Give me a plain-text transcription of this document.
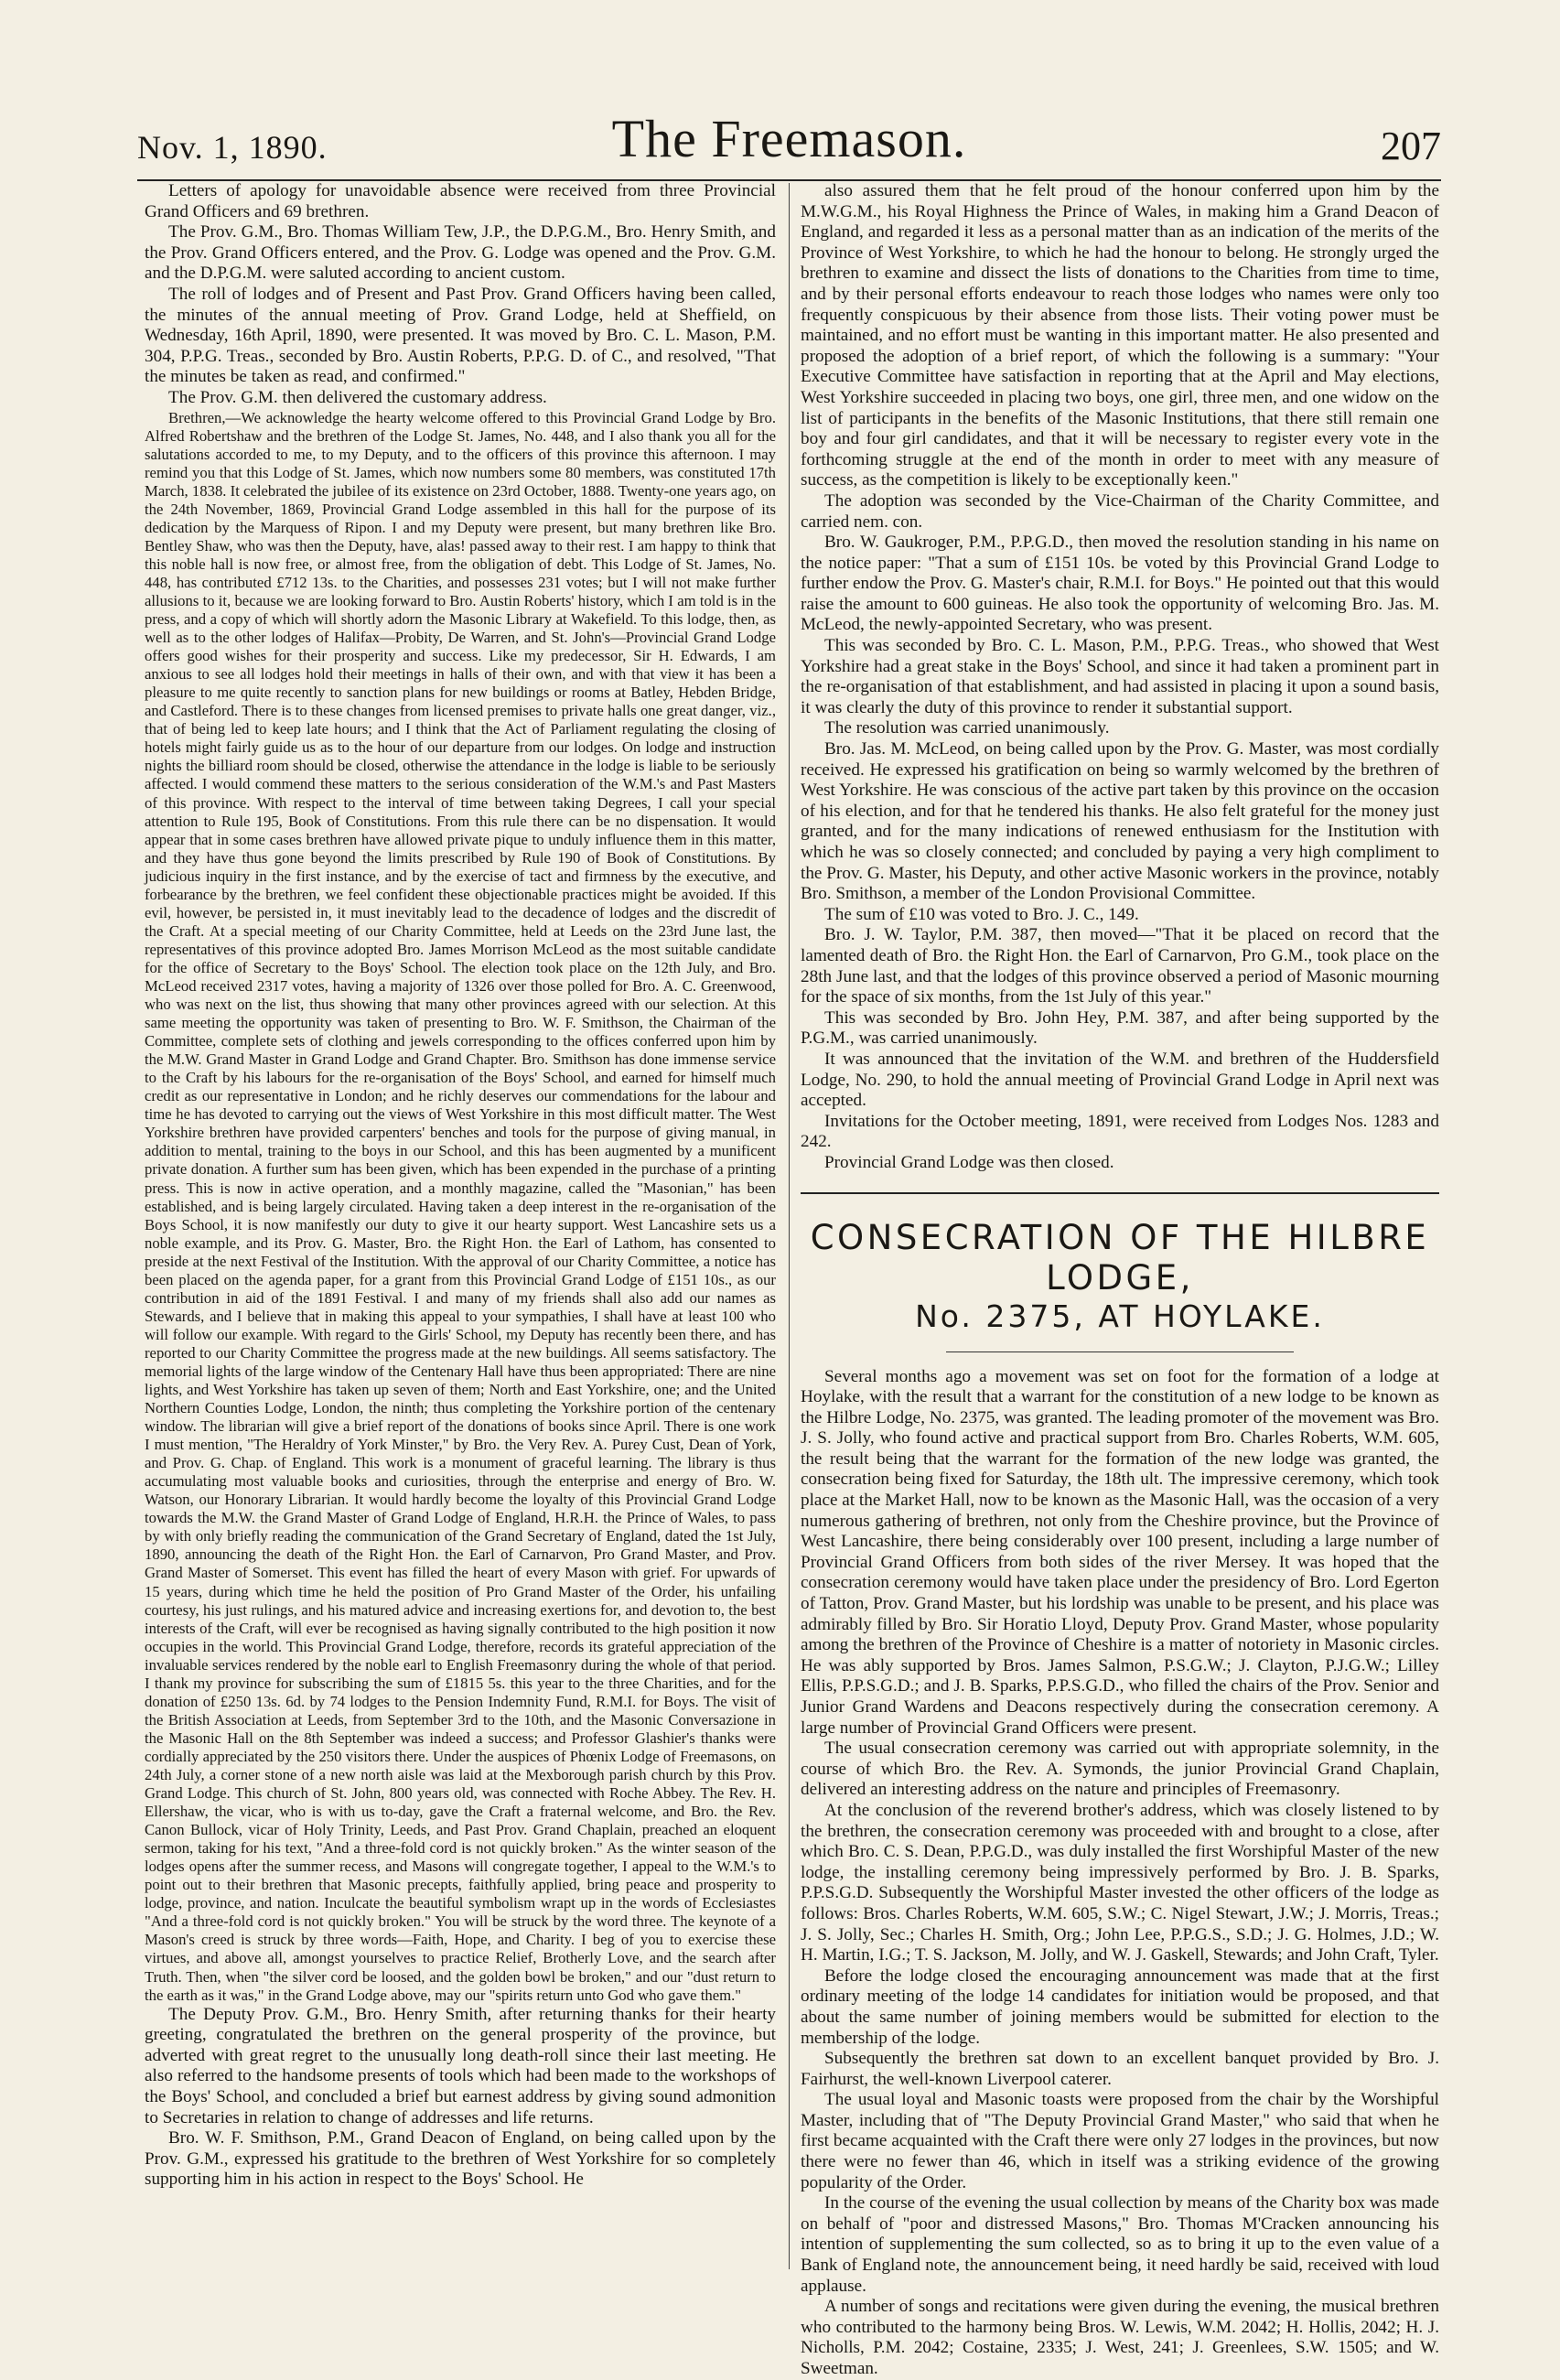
Nov. 1, 1890.	The Freemason.	207

Letters of apology for unavoidable absence were received from three Provincial Grand Officers and 69 brethren.

The Prov. G.M., Bro. Thomas William Tew, J.P., the D.P.G.M., Bro. Henry Smith, and the Prov. Grand Officers entered, and the Prov. G. Lodge was opened and the Prov. G.M. and the D.P.G.M. were saluted according to ancient custom.

The roll of lodges and of Present and Past Prov. Grand Officers having been called, the minutes of the annual meeting of Prov. Grand Lodge, held at Sheffield, on Wednesday, 16th April, 1890, were presented. It was moved by Bro. C. L. Mason, P.M. 304, P.P.G. Treas., seconded by Bro. Austin Roberts, P.P.G. D. of C., and resolved, "That the minutes be taken as read, and confirmed."

The Prov. G.M. then delivered the customary address.

Brethren,—We acknowledge the hearty welcome offered to this Provincial Grand Lodge by Bro. Alfred Robertshaw and the brethren of the Lodge St. James, No. 448, and I also thank you all for the salutations accorded to me, to my Deputy, and to the officers of this province this afternoon. I may remind you that this Lodge of St. James, which now numbers some 80 members, was constituted 17th March, 1838. It celebrated the jubilee of its existence on 23rd October, 1888. Twenty-one years ago, on the 24th November, 1869, Provincial Grand Lodge assembled in this hall for the purpose of its dedication by the Marquess of Ripon. I and my Deputy were present, but many brethren like Bro. Bentley Shaw, who was then the Deputy, have, alas! passed away to their rest. I am happy to think that this noble hall is now free, or almost free, from the obligation of debt. This Lodge of St. James, No. 448, has contributed £712 13s. to the Charities, and possesses 231 votes; but I will not make further allusions to it, because we are looking forward to Bro. Austin Roberts' history, which I am told is in the press, and a copy of which will shortly adorn the Masonic Library at Wakefield. To this lodge, then, as well as to the other lodges of Halifax—Probity, De Warren, and St. John's—Provincial Grand Lodge offers good wishes for their prosperity and success. Like my predecessor, Sir H. Edwards, I am anxious to see all lodges hold their meetings in halls of their own, and with that view it has been a pleasure to me quite recently to sanction plans for new buildings or rooms at Batley, Hebden Bridge, and Castleford. There is to these changes from licensed premises to private halls one great danger, viz., that of being led to keep late hours; and I think that the Act of Parliament regulating the closing of hotels might fairly guide us as to the hour of our departure from our lodges. On lodge and instruction nights the billiard room should be closed, otherwise the attendance in the lodge is liable to be seriously affected. I would commend these matters to the serious consideration of the W.M.'s and Past Masters of this province. With respect to the interval of time between taking Degrees, I call your special attention to Rule 195, Book of Constitutions. From this rule there can be no dispensation. It would appear that in some cases brethren have allowed private pique to unduly influence them in this matter, and they have thus gone beyond the limits prescribed by Rule 190 of Book of Constitutions. By judicious inquiry in the first instance, and by the exercise of tact and firmness by the executive, and forbearance by the brethren, we feel confident these objectionable practices might be avoided. If this evil, however, be persisted in, it must inevitably lead to the decadence of lodges and the discredit of the Craft. At a special meeting of our Charity Committee, held at Leeds on the 23rd June last, the representatives of this province adopted Bro. James Morrison McLeod as the most suitable candidate for the office of Secretary to the Boys' School. The election took place on the 12th July, and Bro. McLeod received 2317 votes, having a majority of 1326 over those polled for Bro. A. C. Greenwood, who was next on the list, thus showing that many other provinces agreed with our selection. At this same meeting the opportunity was taken of presenting to Bro. W. F. Smithson, the Chairman of the Committee, complete sets of clothing and jewels corresponding to the offices conferred upon him by the M.W. Grand Master in Grand Lodge and Grand Chapter. Bro. Smithson has done immense service to the Craft by his labours for the re-organisation of the Boys' School, and earned for himself much credit as our representative in London; and he richly deserves our commendations for the labour and time he has devoted to carrying out the views of West Yorkshire in this most difficult matter. The West Yorkshire brethren have provided carpenters' benches and tools for the purpose of giving manual, in addition to mental, training to the boys in our School, and this has been augmented by a munificent private donation. A further sum has been given, which has been expended in the purchase of a printing press. This is now in active operation, and a monthly magazine, called the "Masonian," has been established, and is being largely circulated. Having taken a deep interest in the re-organisation of the Boys School, it is now manifestly our duty to give it our hearty support. West Lancashire sets us a noble example, and its Prov. G. Master, Bro. the Right Hon. the Earl of Lathom, has consented to preside at the next Festival of the Institution. With the approval of our Charity Committee, a notice has been placed on the agenda paper, for a grant from this Provincial Grand Lodge of £151 10s., as our contribution in aid of the 1891 Festival. I and many of my friends shall also add our names as Stewards, and I believe that in making this appeal to your sympathies, I shall have at least 100 who will follow our example. With regard to the Girls' School, my Deputy has recently been there, and has reported to our Charity Committee the progress made at the new buildings. All seems satisfactory. The memorial lights of the large window of the Centenary Hall have thus been appropriated: There are nine lights, and West Yorkshire has taken up seven of them; North and East Yorkshire, one; and the United Northern Counties Lodge, London, the ninth; thus completing the Yorkshire portion of the centenary window. The librarian will give a brief report of the donations of books since April. There is one work I must mention, "The Heraldry of York Minster," by Bro. the Very Rev. A. Purey Cust, Dean of York, and Prov. G. Chap. of England. This work is a monument of graceful learning. The library is thus accumulating most valuable books and curiosities, through the enterprise and energy of Bro. W. Watson, our Honorary Librarian. It would hardly become the loyalty of this Provincial Grand Lodge towards the M.W. the Grand Master of Grand Lodge of England, H.R.H. the Prince of Wales, to pass by with only briefly reading the communication of the Grand Secretary of England, dated the 1st July, 1890, announcing the death of the Right Hon. the Earl of Carnarvon, Pro Grand Master, and Prov. Grand Master of Somerset. This event has filled the heart of every Mason with grief. For upwards of 15 years, during which time he held the position of Pro Grand Master of the Order, his unfailing courtesy, his just rulings, and his matured advice and increasing exertions for, and devotion to, the best interests of the Craft, will ever be recognised as having signally contributed to the high position it now occupies in the world. This Provincial Grand Lodge, therefore, records its grateful appreciation of the invaluable services rendered by the noble earl to English Freemasonry during the whole of that period. I thank my province for subscribing the sum of £1815 5s. this year to the three Charities, and for the donation of £250 13s. 6d. by 74 lodges to the Pension Indemnity Fund, R.M.I. for Boys. The visit of the British Association at Leeds, from September 3rd to the 10th, and the Masonic Conversazione in the Masonic Hall on the 8th September was indeed a success; and Professor Glashier's thanks were cordially appreciated by the 250 visitors there. Under the auspices of Phœnix Lodge of Freemasons, on 24th July, a corner stone of a new north aisle was laid at the Mexborough parish church by this Prov. Grand Lodge. This church of St. John, 800 years old, was connected with Roche Abbey. The Rev. H. Ellershaw, the vicar, who is with us to-day, gave the Craft a fraternal welcome, and Bro. the Rev. Canon Bullock, vicar of Holy Trinity, Leeds, and Past Prov. Grand Chaplain, preached an eloquent sermon, taking for his text, "And a three-fold cord is not quickly broken." As the winter season of the lodges opens after the summer recess, and Masons will congregate together, I appeal to the W.M.'s to point out to their brethren that Masonic precepts, faithfully applied, bring peace and prosperity to lodge, province, and nation. Inculcate the beautiful symbolism wrapt up in the words of Ecclesiastes "And a three-fold cord is not quickly broken." You will be struck by the word three. The keynote of a Mason's creed is struck by three words—Faith, Hope, and Charity. I beg of you to exercise these virtues, and above all, amongst yourselves to practice Relief, Brotherly Love, and the search after Truth. Then, when "the silver cord be loosed, and the golden bowl be broken," and our "dust return to the earth as it was," in the Grand Lodge above, may our "spirits return unto God who gave them."

The Deputy Prov. G.M., Bro. Henry Smith, after returning thanks for their hearty greeting, congratulated the brethren on the general prosperity of the province, but adverted with great regret to the unusually long death-roll since their last meeting. He also referred to the handsome presents of tools which had been made to the workshops of the Boys' School, and concluded a brief but earnest address by giving sound admonition to Secretaries in relation to change of addresses and life returns.

Bro. W. F. Smithson, P.M., Grand Deacon of England, on being called upon by the Prov. G.M., expressed his gratitude to the brethren of West Yorkshire for so completely supporting him in his action in respect to the Boys' School. He

also assured them that he felt proud of the honour conferred upon him by the M.W.G.M., his Royal Highness the Prince of Wales, in making him a Grand Deacon of England, and regarded it less as a personal matter than as an indication of the merits of the Province of West Yorkshire, to which he had the honour to belong. He strongly urged the brethren to examine and dissect the lists of donations to the Charities from time to time, and by their personal efforts endeavour to reach those lodges who names were only too frequently conspicuous by their absence from those lists. Their voting power must be maintained, and no effort must be wanting in this important matter. He also presented and proposed the adoption of a brief report, of which the following is a summary: "Your Executive Committee have satisfaction in reporting that at the April and May elections, West Yorkshire succeeded in placing two boys, one girl, three men, and one widow on the list of participants in the benefits of the Masonic Institutions, that there still remain one boy and four girl candidates, and that it will be necessary to register every vote in the forthcoming struggle at the end of the month in order to meet with any measure of success, as the competition is likely to be exceptionally keen."

The adoption was seconded by the Vice-Chairman of the Charity Committee, and carried nem. con.

Bro. W. Gaukroger, P.M., P.P.G.D., then moved the resolution standing in his name on the notice paper: "That a sum of £151 10s. be voted by this Provincial Grand Lodge to further endow the Prov. G. Master's chair, R.M.I. for Boys." He pointed out that this would raise the amount to 600 guineas. He also took the opportunity of welcoming Bro. Jas. M. McLeod, the newly-appointed Secretary, who was present.

This was seconded by Bro. C. L. Mason, P.M., P.P.G. Treas., who showed that West Yorkshire had a great stake in the Boys' School, and since it had taken a prominent part in the re-organisation of that establishment, and had assisted in placing it upon a sound basis, it was clearly the duty of this province to render it substantial support.

The resolution was carried unanimously.

Bro. Jas. M. McLeod, on being called upon by the Prov. G. Master, was most cordially received. He expressed his gratification on being so warmly welcomed by the brethren of West Yorkshire. He was conscious of the active part taken by this province on the occasion of his election, and for that he tendered his thanks. He also felt grateful for the money just granted, and for the many indications of renewed enthusiasm for the Institution with which he was so closely connected; and concluded by paying a very high compliment to the Prov. G. Master, his Deputy, and other active Masonic workers in the province, notably Bro. Smithson, a member of the London Provisional Committee.

The sum of £10 was voted to Bro. J. C., 149.

Bro. J. W. Taylor, P.M. 387, then moved—"That it be placed on record that the lamented death of Bro. the Right Hon. the Earl of Carnarvon, Pro G.M., took place on the 28th June last, and that the lodges of this province observed a period of Masonic mourning for the space of six months, from the 1st July of this year."

This was seconded by Bro. John Hey, P.M. 387, and after being supported by the P.G.M., was carried unanimously.

It was announced that the invitation of the W.M. and brethren of the Huddersfield Lodge, No. 290, to hold the annual meeting of Provincial Grand Lodge in April next was accepted.

Invitations for the October meeting, 1891, were received from Lodges Nos. 1283 and 242.

Provincial Grand Lodge was then closed.

CONSECRATION OF THE HILBRE LODGE,
No. 2375, AT HOYLAKE.

Several months ago a movement was set on foot for the formation of a lodge at Hoylake, with the result that a warrant for the constitution of a new lodge to be known as the Hilbre Lodge, No. 2375, was granted. The leading promoter of the movement was Bro. J. S. Jolly, who found active and practical support from Bro. Charles Roberts, W.M. 605, the result being that the warrant for the formation of the new lodge was granted, the consecration being fixed for Saturday, the 18th ult. The impressive ceremony, which took place at the Market Hall, now to be known as the Masonic Hall, was the occasion of a very numerous gathering of brethren, not only from the Cheshire province, but the Province of West Lancashire, there being considerably over 100 present, including a large number of Provincial Grand Officers from both sides of the river Mersey. It was hoped that the consecration ceremony would have taken place under the presidency of Bro. Lord Egerton of Tatton, Prov. Grand Master, but his lordship was unable to be present, and his place was admirably filled by Bro. Sir Horatio Lloyd, Deputy Prov. Grand Master, whose popularity among the brethren of the Province of Cheshire is a matter of notoriety in Masonic circles. He was ably supported by Bros. James Salmon, P.S.G.W.; J. Clayton, P.J.G.W.; Lilley Ellis, P.P.S.G.D.; and J. B. Sparks, P.P.S.G.D., who filled the chairs of the Prov. Senior and Junior Grand Wardens and Deacons respectively during the consecration ceremony. A large number of Provincial Grand Officers were present.

The usual consecration ceremony was carried out with appropriate solemnity, in the course of which Bro. the Rev. A. Symonds, the junior Provincial Grand Chaplain, delivered an interesting address on the nature and principles of Freemasonry.

At the conclusion of the reverend brother's address, which was closely listened to by the brethren, the consecration ceremony was proceeded with and brought to a close, after which Bro. C. S. Dean, P.P.G.D., was duly installed the first Worshipful Master of the new lodge, the installing ceremony being impressively performed by Bro. J. B. Sparks, P.P.S.G.D. Subsequently the Worshipful Master invested the other officers of the lodge as follows: Bros. Charles Roberts, W.M. 605, S.W.; C. Nigel Stewart, J.W.; J. Morris, Treas.; J. S. Jolly, Sec.; Charles H. Smith, Org.; John Lee, P.P.G.S., S.D.; J. G. Holmes, J.D.; W. H. Martin, I.G.; T. S. Jackson, M. Jolly, and W. J. Gaskell, Stewards; and John Craft, Tyler.

Before the lodge closed the encouraging announcement was made that at the first ordinary meeting of the lodge 14 candidates for initiation would be proposed, and that about the same number of joining members would be submitted for election to the membership of the lodge.

Subsequently the brethren sat down to an excellent banquet provided by Bro. J. Fairhurst, the well-known Liverpool caterer.

The usual loyal and Masonic toasts were proposed from the chair by the Worshipful Master, including that of "The Deputy Provincial Grand Master," who said that when he first became acquainted with the Craft there were only 27 lodges in the provinces, but now there were no fewer than 46, which in itself was a striking evidence of the growing popularity of the Order.

In the course of the evening the usual collection by means of the Charity box was made on behalf of "poor and distressed Masons," Bro. Thomas M'Cracken announcing his intention of supplementing the sum collected, so as to bring it up to the even value of a Bank of England note, the announcement being, it need hardly be said, received with loud applause.

A number of songs and recitations were given during the evening, the musical brethren who contributed to the harmony being Bros. W. Lewis, W.M. 2042; H. Hollis, 2042; H. J. Nicholls, P.M. 2042; Costaine, 2335; J. West, 241; J. Greenlees, S.W. 1505; and W. Sweetman.
